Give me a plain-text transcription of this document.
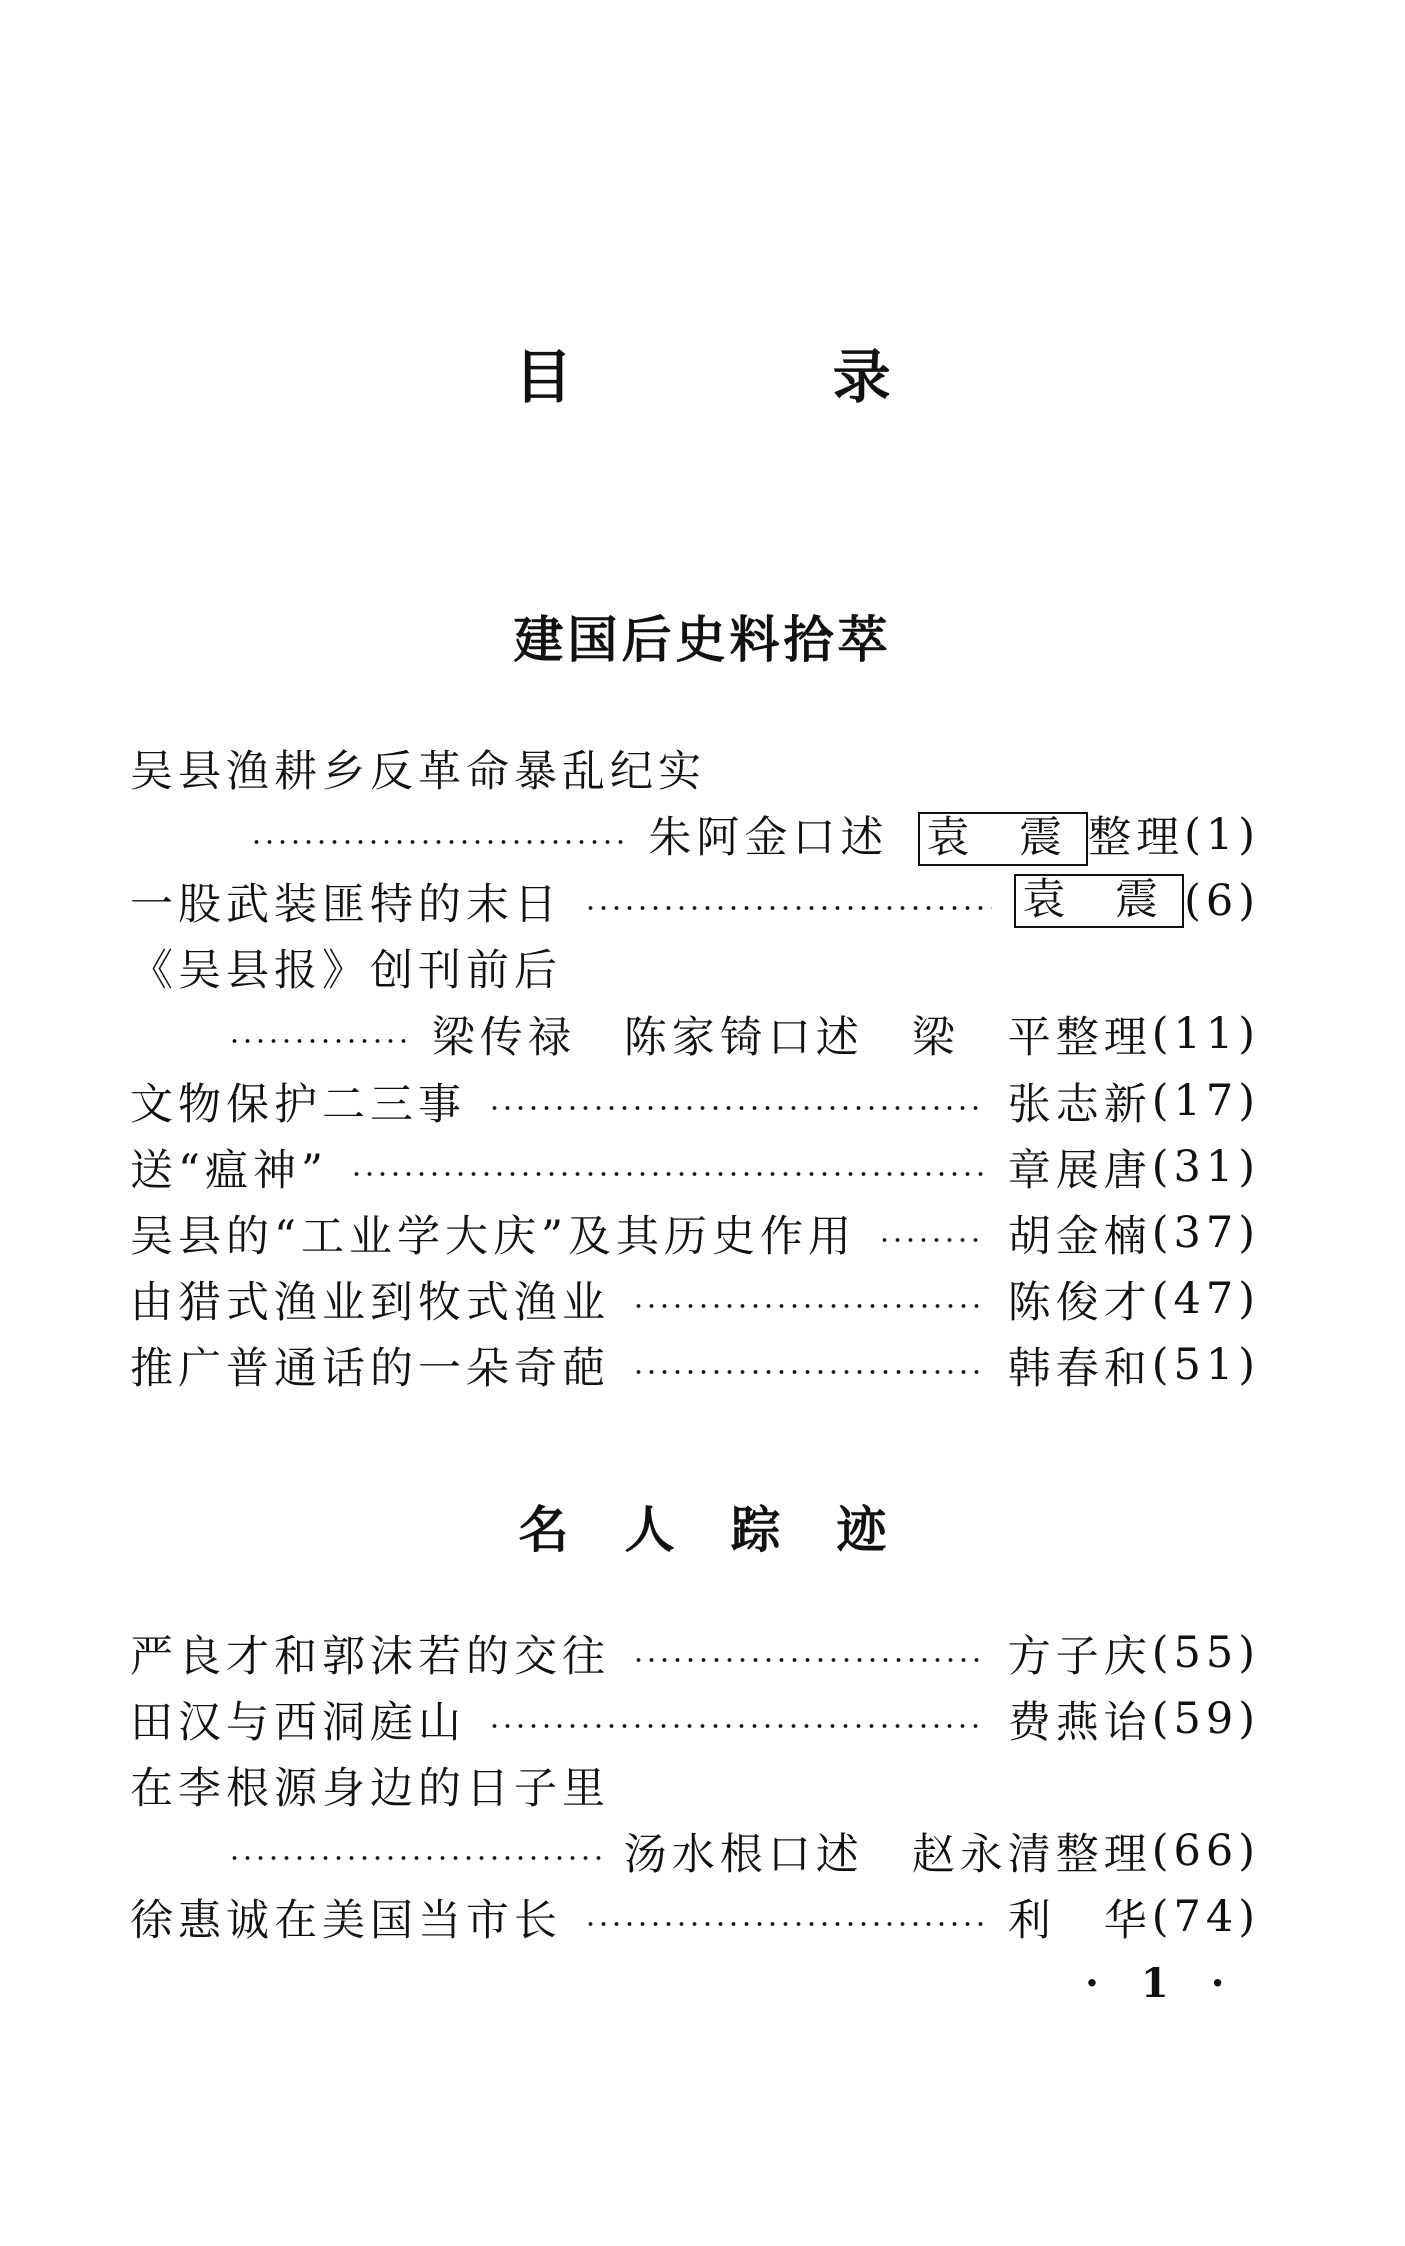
目 录
建国后史料拾萃
吴县渔耕乡反革命暴乱纪实
朱阿金口述 袁 震 整理 (1)
一股武装匪特的末日	袁 震 (6)
《吴县报》创刊前后
梁传禄　陈家锜口述　梁　平整理 (11)
文物保护二三事	张志新 (17)
送“瘟神”	章展唐 (31)
吴县的“工业学大庆”及其历史作用	胡金楠 (37)
由猎式渔业到牧式渔业	陈俊才 (47)
推广普通话的一朵奇葩	韩春和 (51)
名人踪迹
严良才和郭沫若的交往	方子庆 (55)
田汉与西洞庭山	费燕诒 (59)
在李根源身边的日子里
汤水根口述　赵永清整理 (66)
徐惠诚在美国当市长	利　华 (74)
· 1 ·
